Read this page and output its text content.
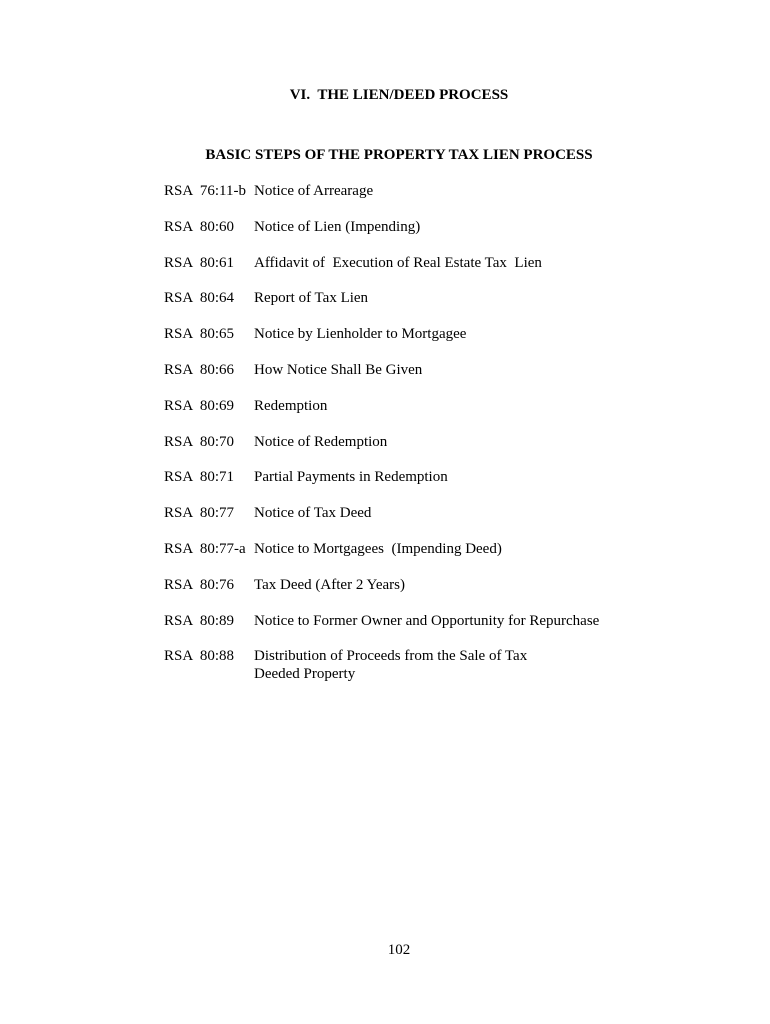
VI.  THE LIEN/DEED PROCESS
BASIC STEPS OF THE PROPERTY TAX LIEN PROCESS
RSA  76:11-b Notice of Arrearage
RSA  80:60	Notice of Lien (Impending)
RSA  80:61	Affidavit of  Execution of Real Estate Tax  Lien
RSA  80:64	Report of Tax Lien
RSA  80:65	Notice by Lienholder to Mortgagee
RSA  80:66	How Notice Shall Be Given
RSA  80:69	Redemption
RSA  80:70	Notice of Redemption
RSA  80:71	Partial Payments in Redemption
RSA  80:77	Notice of Tax Deed
RSA  80:77-a Notice to Mortgagees  (Impending Deed)
RSA  80:76	Tax Deed (After 2 Years)
RSA  80:89	Notice to Former Owner and Opportunity for Repurchase
RSA  80:88	Distribution of Proceeds from the Sale of Tax
Deeded Property
102
